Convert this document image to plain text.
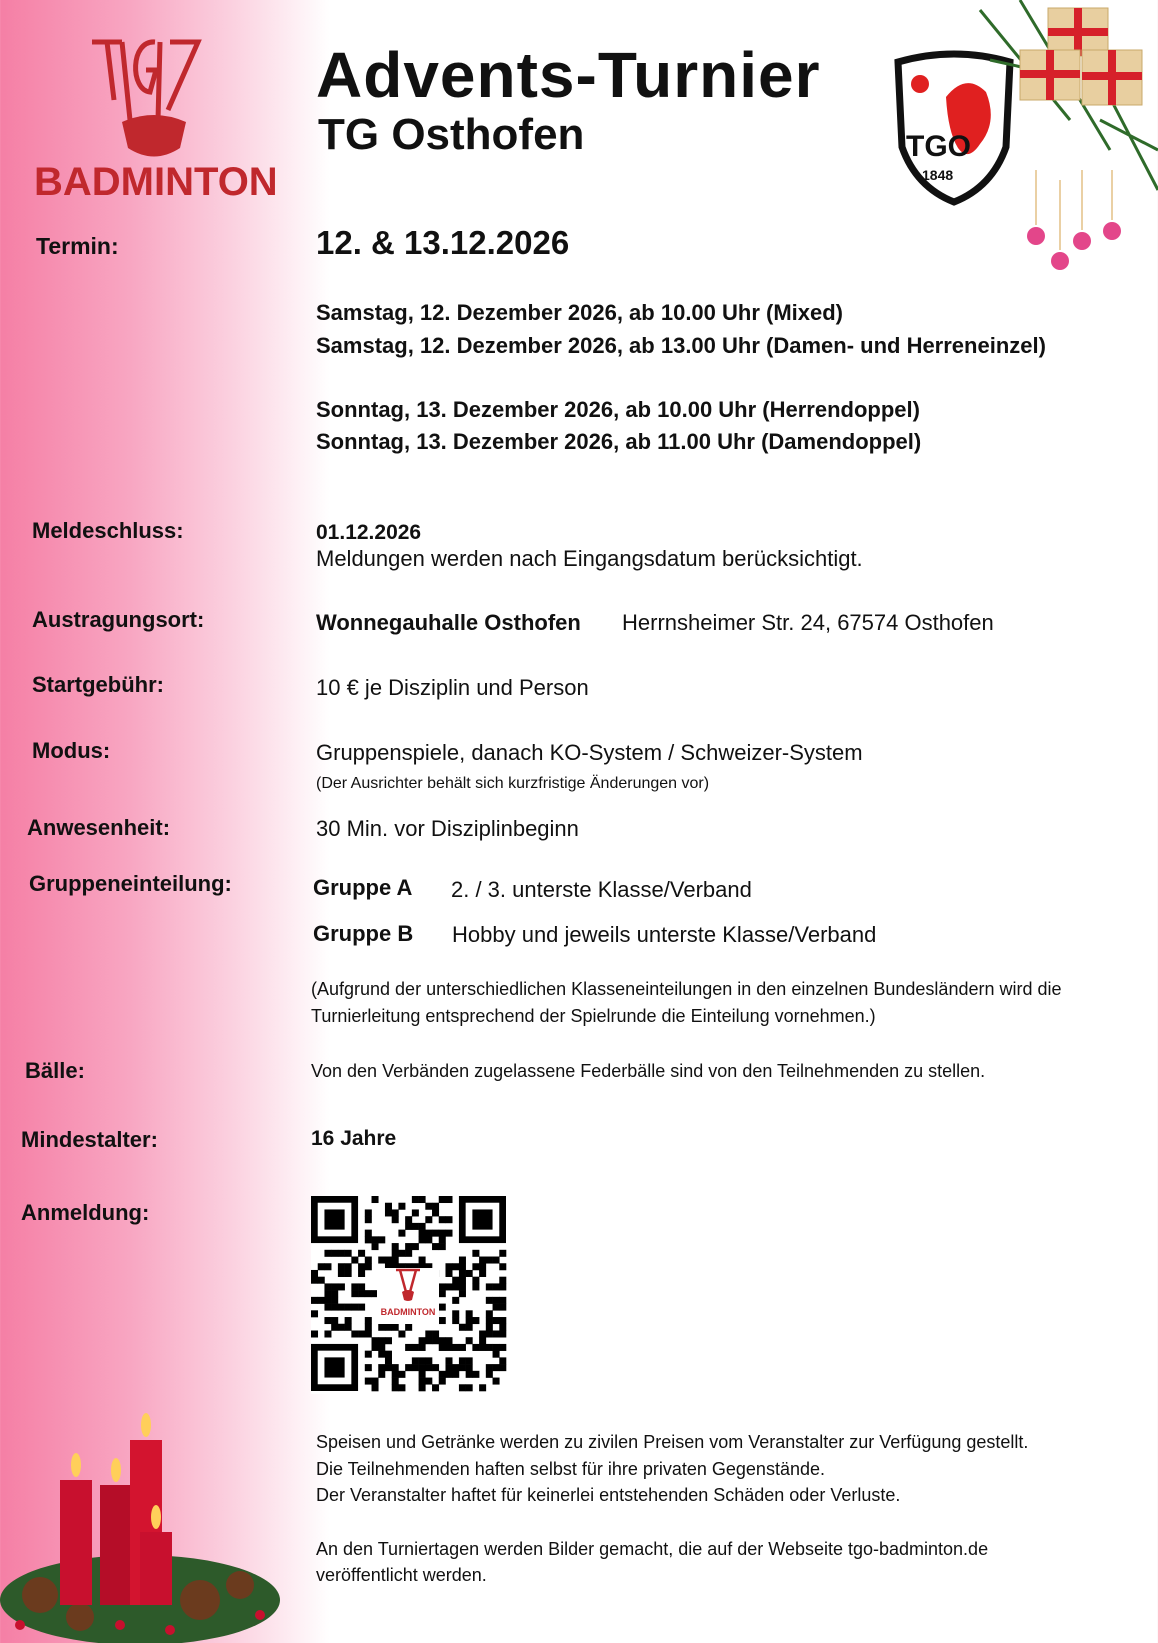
BADMINTON
Advents-Turnier
TG Osthofen	TGO
1848
Termin:	12. & 13.12.2026
Samstag, 12. Dezember 2026, ab 10.00 Uhr (Mixed)
Samstag, 12. Dezember 2026, ab 13.00 Uhr (Damen- und Herreneinzel)
Sonntag, 13. Dezember 2026, ab 10.00 Uhr (Herrendoppel)
Sonntag, 13. Dezember 2026, ab 11.00 Uhr (Damendoppel)
Meldeschluss:	01.12.2026
Meldungen werden nach Eingangsdatum berücksichtigt.
Austragungsort:	Wonnegauhalle Osthofen Herrnsheimer Str. 24, 67574 Osthofen
Startgebühr:	10 € je Disziplin und Person
Modus:	Gruppenspiele, danach KO-System / Schweizer-System
(Der Ausrichter behält sich kurzfristige Änderungen vor)
Anwesenheit:	30 Min. vor Disziplinbeginn
Gruppeneinteilung:	Gruppe A 2. / 3. unterste Klasse/Verband
Gruppe B Hobby und jeweils unterste Klasse/Verband
(Aufgrund der unterschiedlichen Klasseneinteilungen in den einzelnen Bundesländern wird die
Turnierleitung entsprechend der Spielrunde die Einteilung vornehmen.)
Bälle:	Von den Verbänden zugelassene Federbälle sind von den Teilnehmenden zu stellen.
Mindestalter:	16 Jahre
Anmeldung:
BADMINTON
Speisen und Getränke werden zu zivilen Preisen vom Veranstalter zur Verfügung gestellt.
Die Teilnehmenden haften selbst für ihre privaten Gegenstände.
Der Veranstalter haftet für keinerlei entstehenden Schäden oder Verluste.
An den Turniertagen werden Bilder gemacht, die auf der Webseite tgo-badminton.de
veröffentlicht werden.
